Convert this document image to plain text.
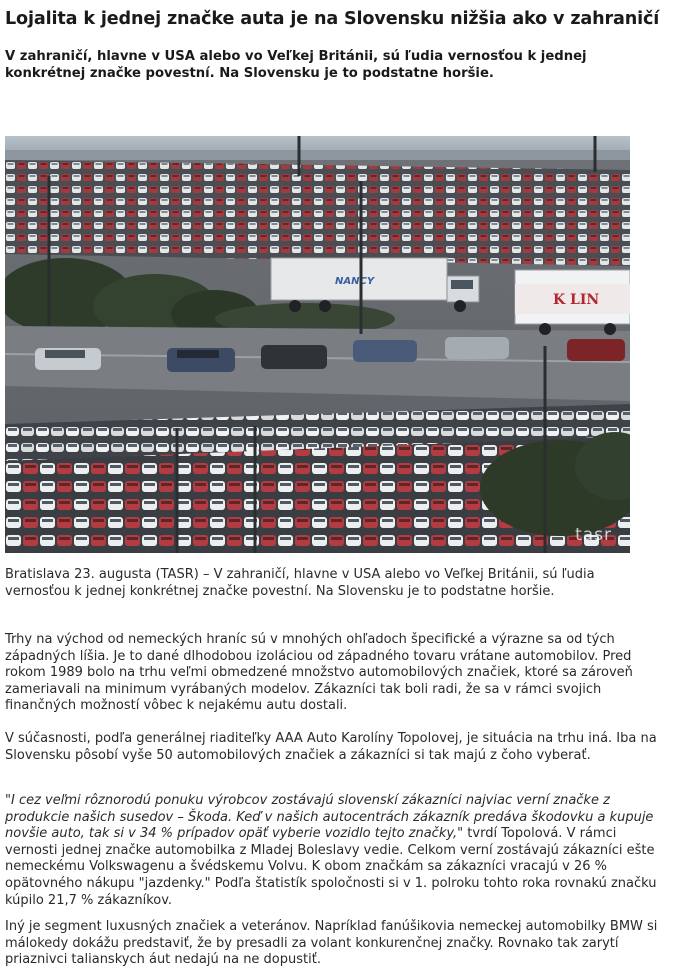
Lojalita k jednej značke auta je na Slovensku nižšia ako v zahraničí

V zahraničí, hlavne v USA alebo vo Veľkej Británii, sú ľudia vernosťou k jednej konkrétnej značke povestní. Na Slovensku je to podstatne horšie.

NANCY
K LIN
tasr

Bratislava 23. augusta (TASR) – V zahraničí, hlavne v USA alebo vo Veľkej Británii, sú ľudia vernosťou k jednej konkrétnej značke povestní. Na Slovensku je to podstatne horšie.

Trhy na východ od nemeckých hraníc sú v mnohých ohľadoch špecifické a výrazne sa od tých západných líšia. Je to dané dlhodobou izoláciou od západného tovaru vrátane automobilov. Pred rokom 1989 bolo na trhu veľmi obmedzené množstvo automobilových značiek, ktoré sa zároveň zameriavali na minimum vyrábaných modelov. Zákazníci tak boli radi, že sa v rámci svojich finančných možností vôbec k nejakému autu dostali.

V súčasnosti, podľa generálnej riaditeľky AAA Auto Karolíny Topolovej, je situácia na trhu iná. Iba na Slovensku pôsobí vyše 50 automobilových značiek a zákazníci si tak majú z čoho vyberať.

"I cez veľmi rôznorodú ponuku výrobcov zostávajú slovenskí zákazníci najviac verní značke z produkcie našich susedov – Škoda. Keď v našich autocentrách zákazník predáva škodovku a kupuje novšie auto, tak si v 34 % prípadov opäť vyberie vozidlo tejto značky," tvrdí Topolová. V rámci vernosti jednej značke automobilka z Mladej Boleslavy vedie. Celkom verní zostávajú zákazníci ešte nemeckému Volkswagenu a švédskemu Volvu. K obom značkám sa zákazníci vracajú v 26 % opätovného nákupu "jazdenky." Podľa štatistík spoločnosti si v 1. polroku tohto roka rovnakú značku kúpilo 21,7 % zákazníkov.

Iný je segment luxusných značiek a veteránov. Napríklad fanúšikovia nemeckej automobilky BMW si málokedy dokážu predstaviť, že by presadli za volant konkurenčnej značky. Rovnako tak zarytí priaznivci talianskych áut nedajú na ne dopustiť.
